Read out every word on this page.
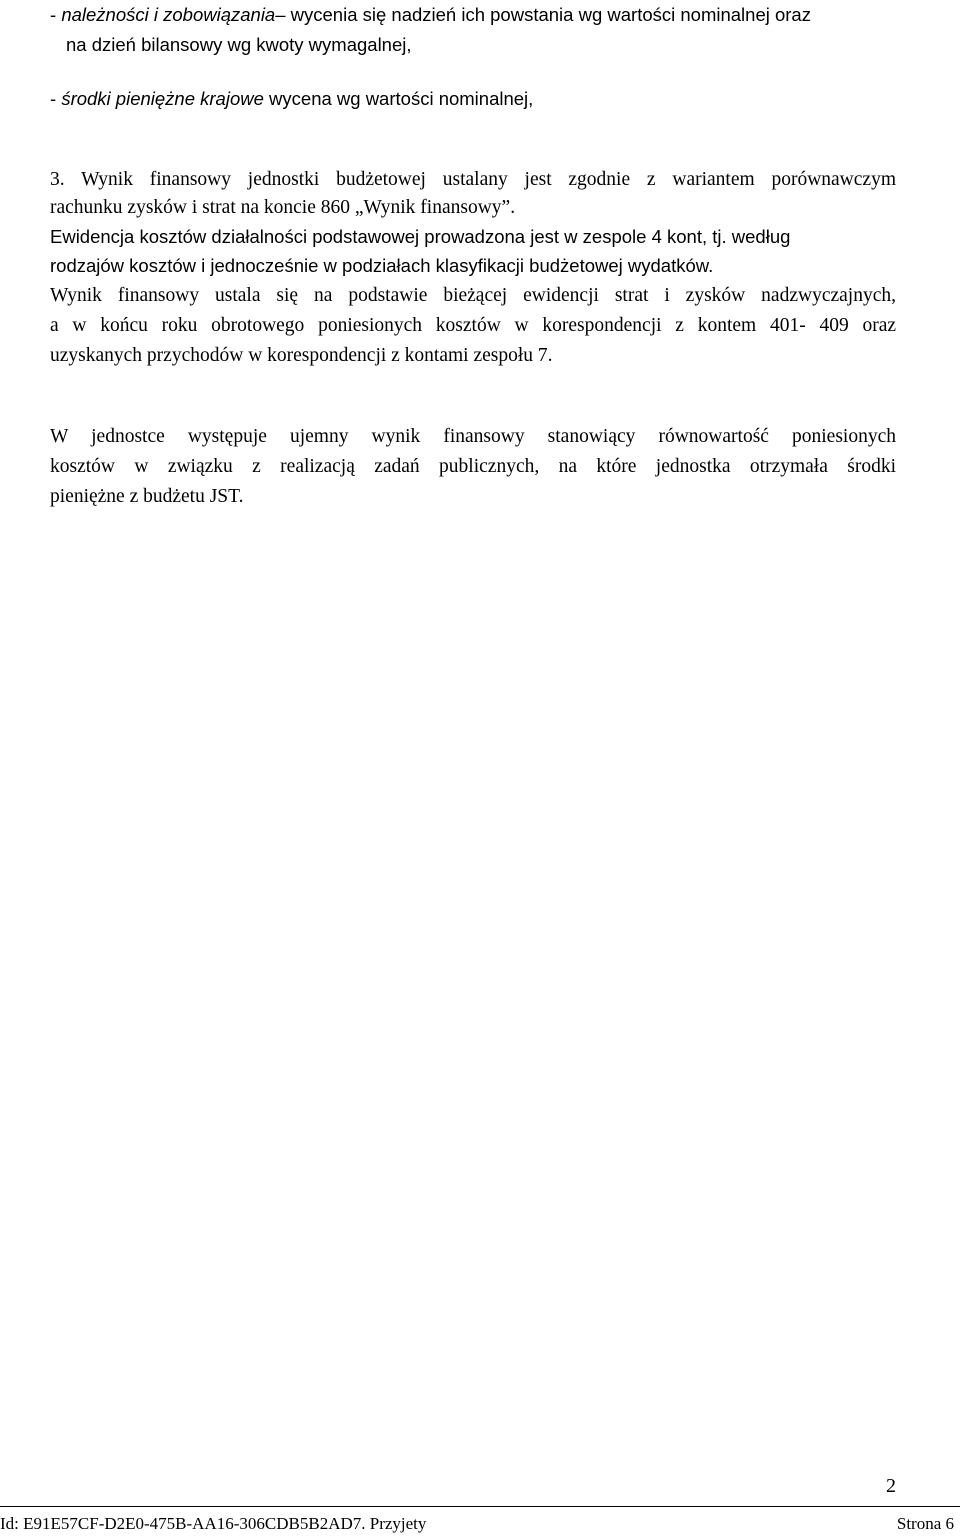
- należności i zobowiązania– wycenia się nadzień ich powstania wg wartości nominalnej oraz
na dzień bilansowy wg kwoty wymagalnej,
- środki pieniężne krajowe wycena wg wartości nominalnej,
3. Wynik finansowy jednostki budżetowej ustalany jest zgodnie z wariantem porównawczym
rachunku zysków i strat na koncie 860 „Wynik finansowy”.
Ewidencja kosztów działalności podstawowej prowadzona jest w zespole 4 kont, tj. według
rodzajów kosztów i jednocześnie w podziałach klasyfikacji budżetowej wydatków.
Wynik finansowy ustala się na podstawie bieżącej ewidencji strat i zysków nadzwyczajnych,
a w końcu roku obrotowego poniesionych kosztów w korespondencji z kontem 401- 409 oraz
uzyskanych przychodów w korespondencji z kontami zespołu 7.
W jednostce występuje ujemny wynik finansowy stanowiący równowartość poniesionych
kosztów w związku z realizacją zadań publicznych, na które jednostka otrzymała środki
pieniężne z budżetu JST.
2
Id: E91E57CF-D2E0-475B-AA16-306CDB5B2AD7. Przyjety	Strona 6
